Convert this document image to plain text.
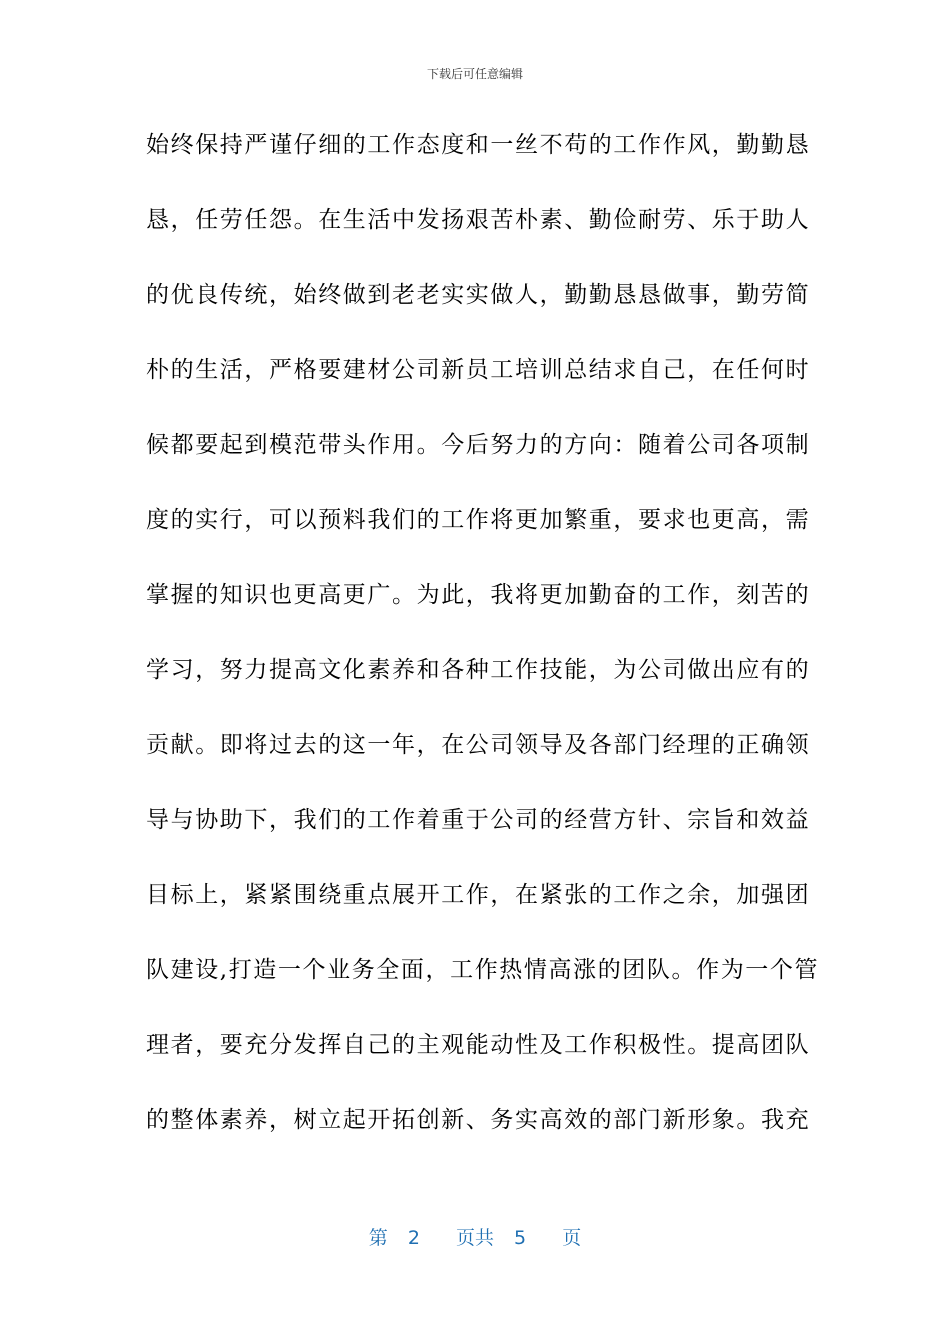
下载后可任意编辑
始终保持严谨仔细的工作态度和一丝不苟的工作作风，勤勤恳
恳，任劳任怨。在生活中发扬艰苦朴素、勤俭耐劳、乐于助人
的优良传统，始终做到老老实实做人，勤勤恳恳做事，勤劳简
朴的生活，严格要建材公司新员工培训总结求自己，在任何时
候都要起到模范带头作用。今后努力的方向：随着公司各项制
度的实行，可以预料我们的工作将更加繁重，要求也更高，需
掌握的知识也更高更广。为此，我将更加勤奋的工作，刻苦的
学习，努力提高文化素养和各种工作技能，为公司做出应有的
贡献。即将过去的这一年，在公司领导及各部门经理的正确领
导与协助下，我们的工作着重于公司的经营方针、宗旨和效益
目标上，紧紧围绕重点展开工作，在紧张的工作之余，加强团
队建设,打造一个业务全面，工作热情高涨的团队。作为一个管
理者，要充分发挥自己的主观能动性及工作积极性。提高团队
的整体素养，树立起开拓创新、务实高效的部门新形象。我充
第 2 页共 5 页
